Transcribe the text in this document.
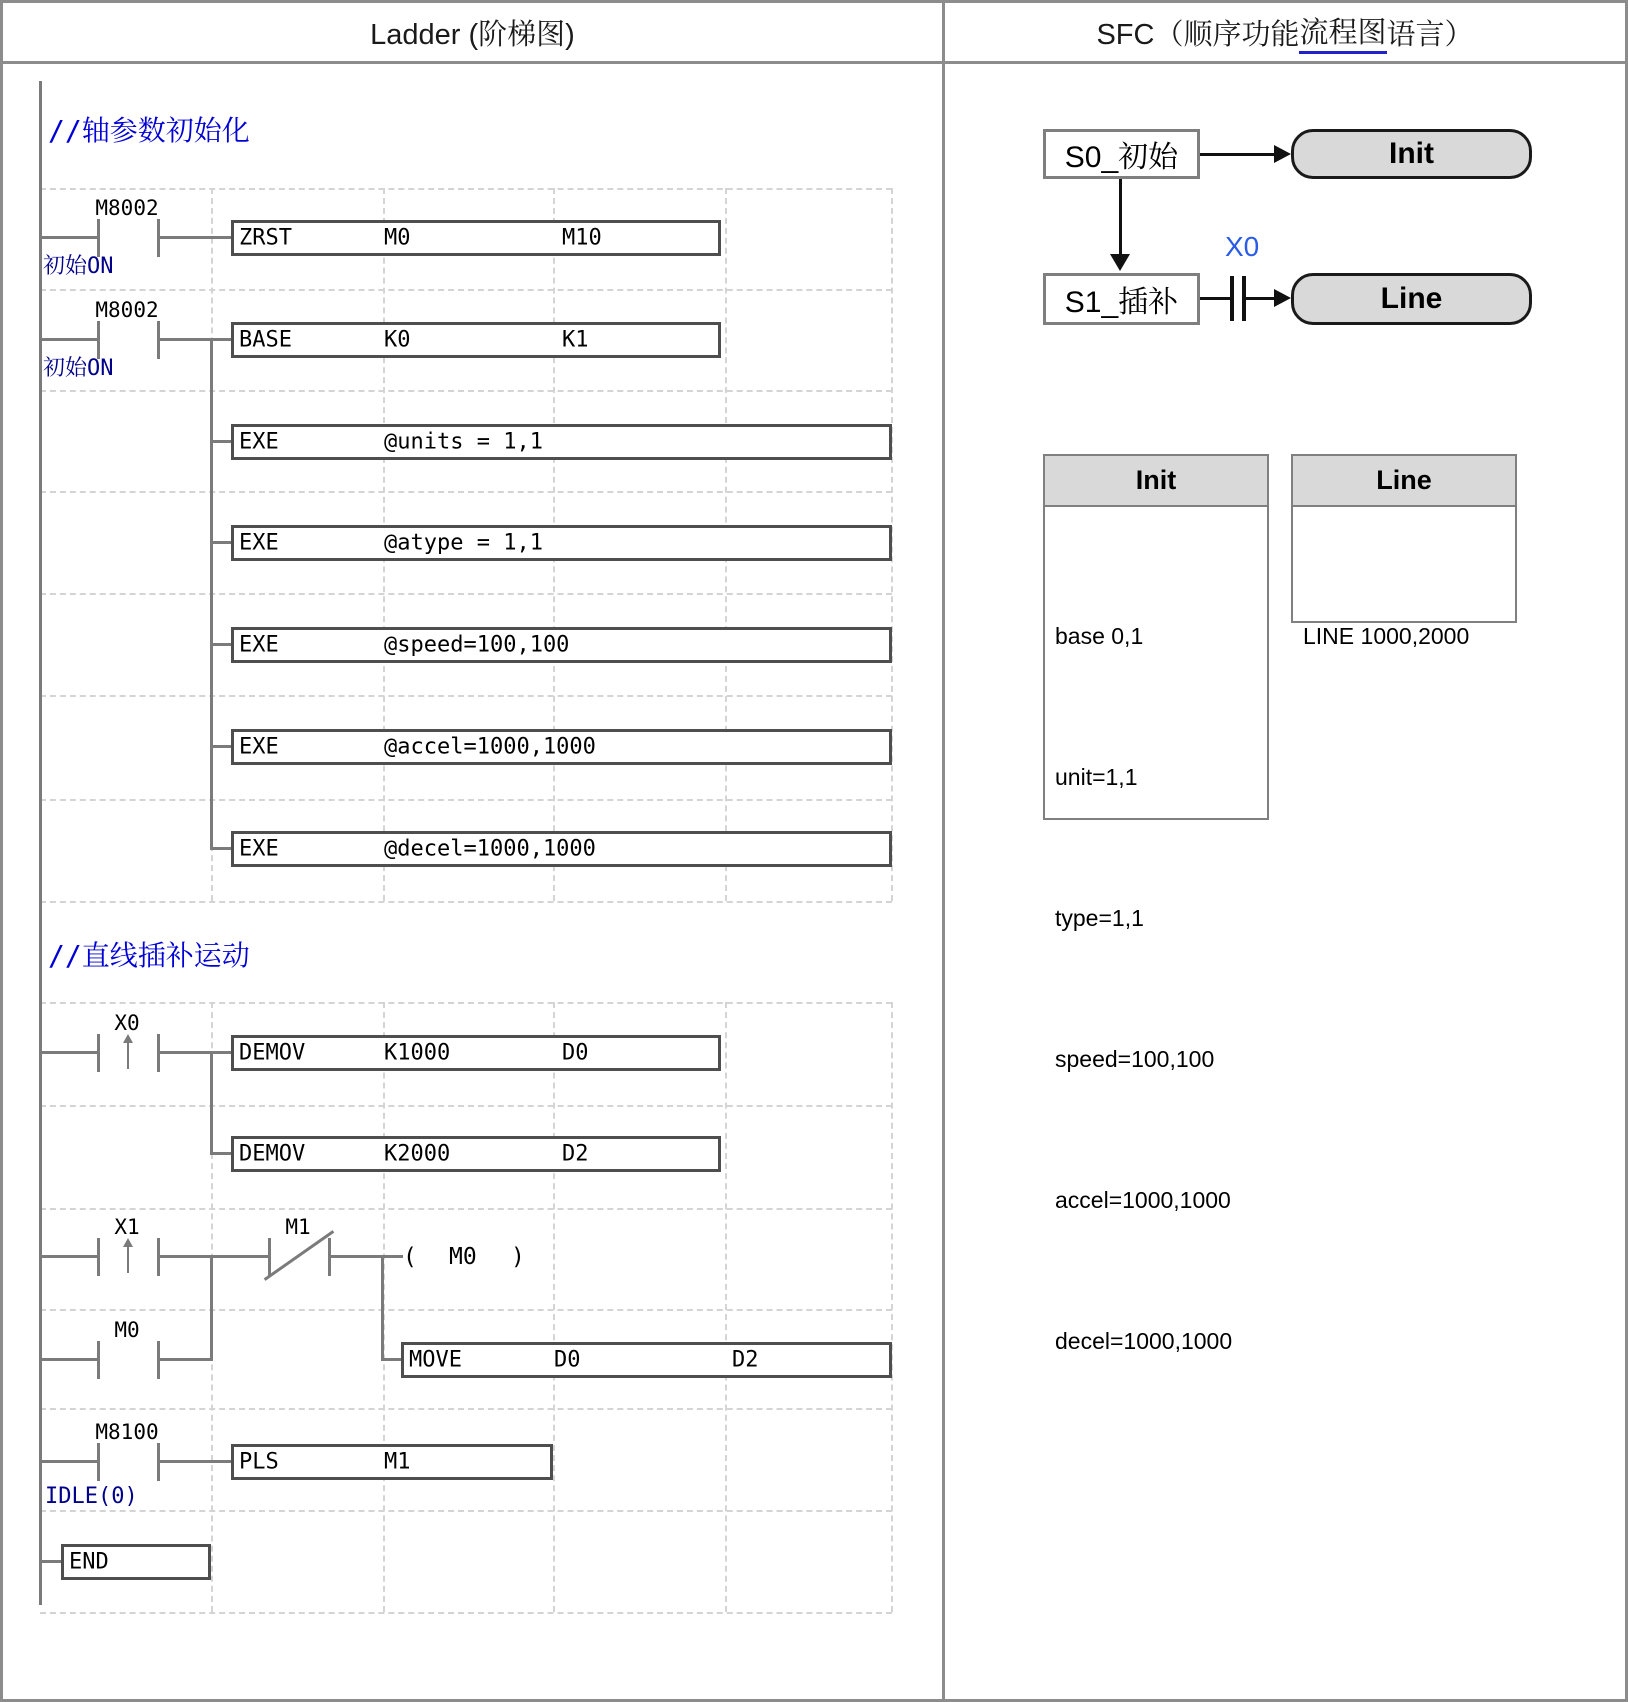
Ladder (阶梯图)	SFC（顺序功能 流程图 语言）
//轴参数初始化
M8002
初始ON
ZRST	M0	M10
M8002
初始ON
BASE	K0	K1
EXE	@units = 1,1
EXE	@atype = 1,1
EXE	@speed=100,100
EXE	@accel=1000,1000
EXE	@decel=1000,1000
//直线插补运动
X0
DEMOV	K1000	D0
DEMOV	K2000	D2
X1	M1
( M0 )
M0
MOVE	D0	D2
M8100
IDLE(0)
PLS	M1
END
S0_初始	Init
X0
S1_插补	Line
Init

base 0,1

unit=1,1

type=1,1

speed=100,100

accel=1000,1000

decel=1000,1000

Line

LINE 1000,2000
